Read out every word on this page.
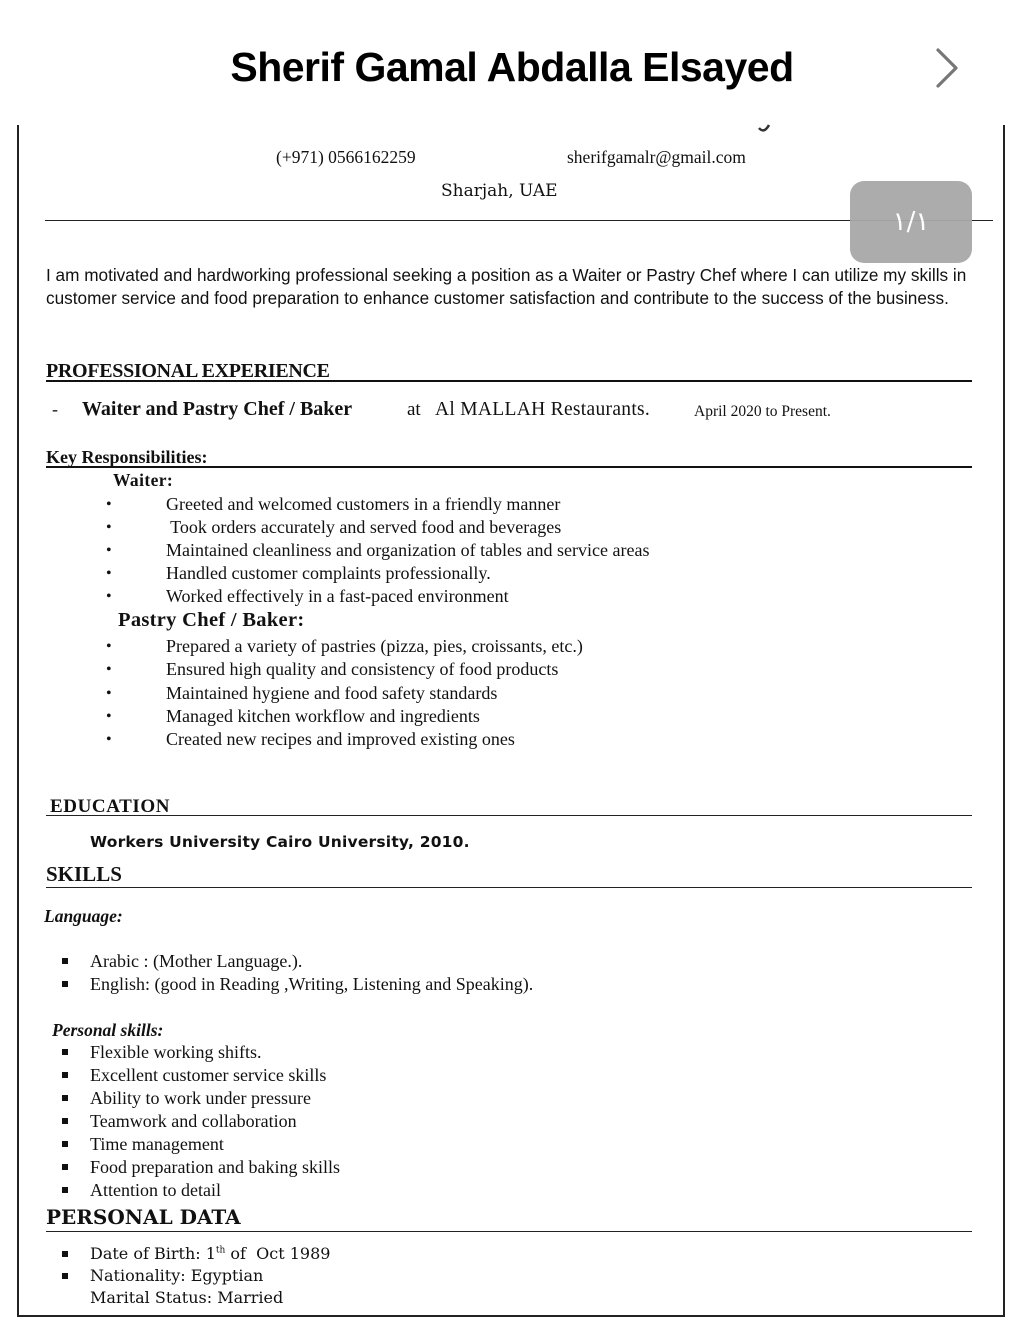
Sherif Gamal Abdalla Elsayed
(+971) 0566162259	sherifgamalr@gmail.com
Sharjah, UAE
١/١
I am motivated and hardworking professional seeking a position as a Waiter or Pastry Chef where I can utilize my skills in customer service and food preparation to enhance customer satisfaction and contribute to the success of the business.
PROFESSIONAL EXPERIENCE
- Waiter and Pastry Chef / Baker	at Al MALLAH Restaurants.	April 2020 to Present.
Key Responsibilities:
Waiter:
•	Greeted and welcomed customers in a friendly manner
•	Took orders accurately and served food and beverages
•	Maintained cleanliness and organization of tables and service areas
•	Handled customer complaints professionally.
•	Worked effectively in a fast-paced environment
Pastry Chef / Baker:
•	Prepared a variety of pastries (pizza, pies, croissants, etc.)
•	Ensured high quality and consistency of food products
•	Maintained hygiene and food safety standards
•	Managed kitchen workflow and ingredients
•	Created new recipes and improved existing ones
EDUCATION
Workers University Cairo University, 2010.
SKILLS
Language:
Arabic : (Mother Language.).
English: (good in Reading ,Writing, Listening and Speaking).
Personal skills:
Flexible working shifts.
Excellent customer service skills
Ability to work under pressure
Teamwork and collaboration
Time management
Food preparation and baking skills
Attention to detail
PERSONAL DATA
Date of Birth: 1th of  Oct 1989
Nationality: Egyptian
Marital Status: Married
